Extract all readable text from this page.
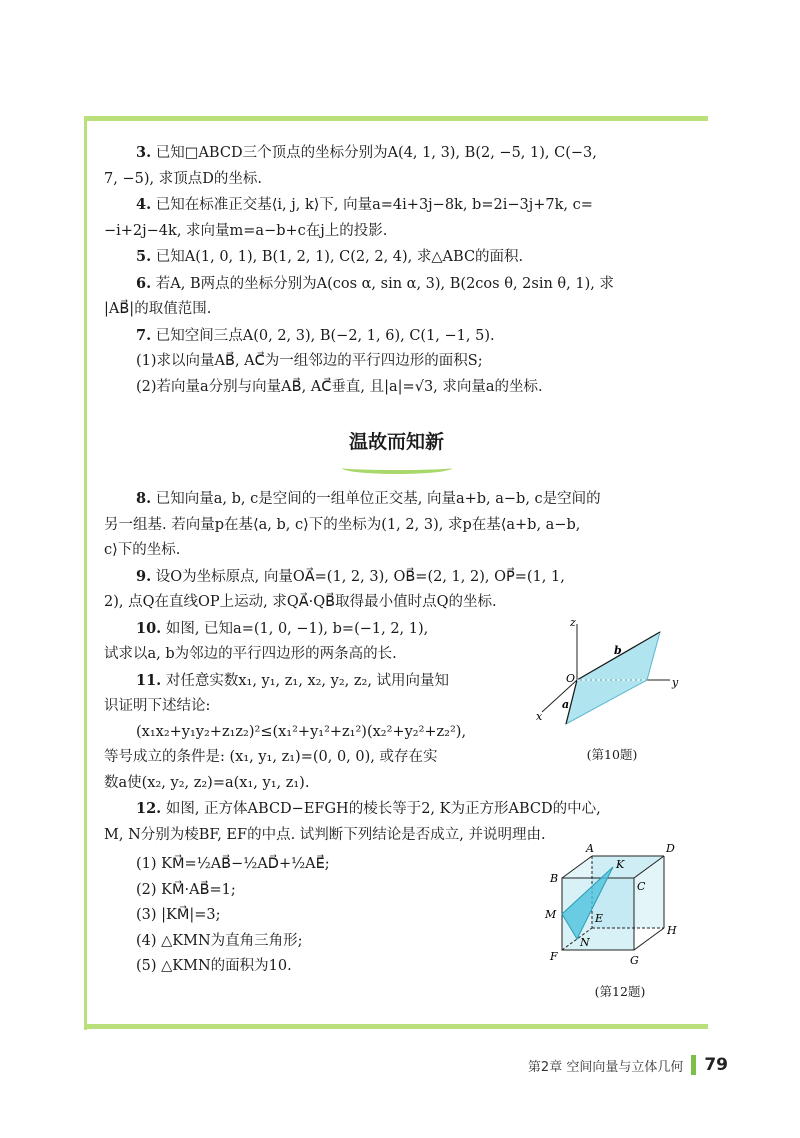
3. 已知□ABCD三个顶点的坐标分别为A(4, 1, 3), B(2, −5, 1), C(−3,

7, −5), 求顶点D的坐标.

4. 已知在标准正交基⟨i, j, k⟩下, 向量a=4i+3j−8k, b=2i−3j+7k, c=

−i+2j−4k, 求向量m=a−b+c在j上的投影.

5. 已知A(1, 0, 1), B(1, 2, 1), C(2, 2, 4), 求△ABC的面积.

6. 若A, B两点的坐标分别为A(cos α, sin α, 3), B(2cos θ, 2sin θ, 1), 求

|AB⃗|的取值范围.

7. 已知空间三点A(0, 2, 3), B(−2, 1, 6), C(1, −1, 5).

(1)求以向量AB⃗, AC⃗为一组邻边的平行四边形的面积S;

(2)若向量a分别与向量AB⃗, AC⃗垂直, 且|a|=√3, 求向量a的坐标.

温故而知新

8. 已知向量a, b, c是空间的一组单位正交基, 向量a+b, a−b, c是空间的

另一组基. 若向量p在基⟨a, b, c⟩下的坐标为(1, 2, 3), 求p在基⟨a+b, a−b,

c⟩下的坐标.

9. 设O为坐标原点, 向量OA⃗=(1, 2, 3), OB⃗=(2, 1, 2), OP⃗=(1, 1,

2), 点Q在直线OP上运动, 求QA⃗·QB⃗取得最小值时点Q的坐标.

10. 如图, 已知a=(1, 0, −1), b=(−1, 2, 1),

试求以a, b为邻边的平行四边形的两条高的长.

11. 对任意实数x₁, y₁, z₁, x₂, y₂, z₂, 试用向量知

识证明下述结论:

(x₁x₂+y₁y₂+z₁z₂)²≤(x₁²+y₁²+z₁²)(x₂²+y₂²+z₂²),

等号成立的条件是: (x₁, y₁, z₁)=(0, 0, 0), 或存在实

数a使(x₂, y₂, z₂)=a(x₁, y₁, z₁).

12. 如图, 正方体ABCD−EFGH的棱长等于2, K为正方形ABCD的中心,

M, N分别为棱BF, EF的中点. 试判断下列结论是否成立, 并说明理由.

(1) KM⃗=½AB⃗−½AD⃗+½AE⃗;

(2) KM⃗·AB⃗=1;

(3) |KM⃗|=3;

(4) △KMN为直角三角形;

(5) △KMN的面积为10.

z
y
x
O
a
b
(第10题)
A
B
C
D
E
F	G
H
K
M
N
(第12题)
第2章 空间向量与立体几何 79
